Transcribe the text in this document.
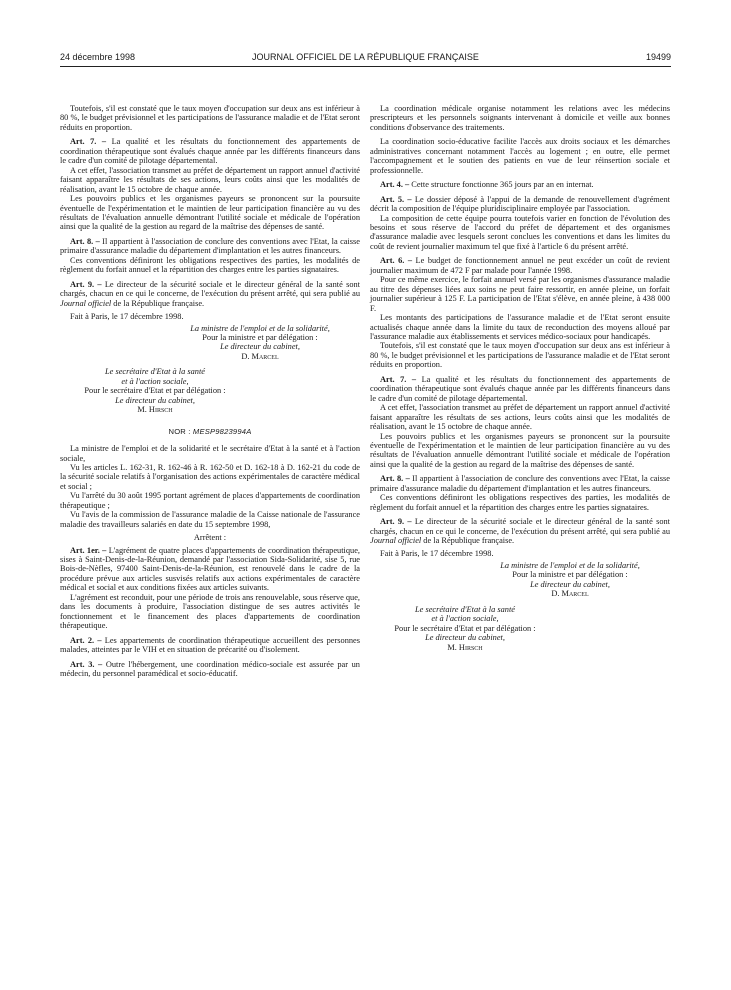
24 décembre 1998	JOURNAL OFFICIEL DE LA RÉPUBLIQUE FRANÇAISE	19499

Toutefois, s'il est constaté que le taux moyen d'occupation sur deux ans est inférieur à 80 %, le budget prévisionnel et les participations de l'assurance maladie et de l'Etat seront réduits en proportion.

Art. 7. – La qualité et les résultats du fonctionnement des appartements de coordination thérapeutique sont évalués chaque année par les différents financeurs dans le cadre d'un comité de pilotage départemental.

A cet effet, l'association transmet au préfet de département un rapport annuel d'activité faisant apparaître les résultats de ses actions, leurs coûts ainsi que les modalités de réalisation, avant le 15 octobre de chaque année.

Les pouvoirs publics et les organismes payeurs se prononcent sur la poursuite éventuelle de l'expérimentation et le maintien de leur participation financière au vu des résultats de l'évaluation annuelle démontrant l'utilité sociale et médicale de l'opération ainsi que la qualité de la gestion au regard de la maîtrise des dépenses de santé.

Art. 8. – Il appartient à l'association de conclure des conventions avec l'Etat, la caisse primaire d'assurance maladie du département d'implantation et les autres financeurs.

Ces conventions définiront les obligations respectives des parties, les modalités de règlement du forfait annuel et la répartition des charges entre les parties signataires.

Art. 9. – Le directeur de la sécurité sociale et le directeur général de la santé sont chargés, chacun en ce qui le concerne, de l'exécution du présent arrêté, qui sera publié au Journal officiel de la République française.

Fait à Paris, le 17 décembre 1998.

La ministre de l'emploi et de la solidarité,
Pour la ministre et par délégation :
Le directeur du cabinet,
D. Marcel
Le secrétaire d'Etat à la santé
et à l'action sociale,
Pour le secrétaire d'Etat et par délégation :
Le directeur du cabinet,
M. Hirsch

NOR : MESP9823994A

La ministre de l'emploi et de la solidarité et le secrétaire d'Etat à la santé et à l'action sociale,

Vu les articles L. 162-31, R. 162-46 à R. 162-50 et D. 162-18 à D. 162-21 du code de la sécurité sociale relatifs à l'organisation des actions expérimentales de caractère médical et social ;

Vu l'arrêté du 30 août 1995 portant agrément de places d'appartements de coordination thérapeutique ;

Vu l'avis de la commission de l'assurance maladie de la Caisse nationale de l'assurance maladie des travailleurs salariés en date du 15 septembre 1998,

Arrêtent :

Art. 1er. – L'agrément de quatre places d'appartements de coordination thérapeutique, sises à Saint-Denis-de-la-Réunion, demandé par l'association Sida-Solidarité, sise 5, rue Bois-de-Nèfles, 97400 Saint-Denis-de-la-Réunion, est renouvelé dans le cadre de la procédure prévue aux articles susvisés relatifs aux actions expérimentales de caractère médical et social et aux conditions fixées aux articles suivants.

L'agrément est reconduit, pour une période de trois ans renouvelable, sous réserve que, dans les documents à produire, l'association distingue de ses autres activités le fonctionnement et le financement des places d'appartements de coordination thérapeutique.

Art. 2. – Les appartements de coordination thérapeutique accueillent des personnes malades, atteintes par le VIH et en situation de précarité ou d'isolement.

Art. 3. – Outre l'hébergement, une coordination médico-sociale est assurée par un médecin, du personnel paramédical et socio-éducatif.

La coordination médicale organise notamment les relations avec les médecins prescripteurs et les personnels soignants intervenant à domicile et veille aux bonnes conditions d'observance des traitements.

La coordination socio-éducative facilite l'accès aux droits sociaux et les démarches administratives concernant notamment l'accès au logement ; en outre, elle permet l'accompagnement et le soutien des patients en vue de leur réinsertion sociale et professionnelle.

Art. 4. – Cette structure fonctionne 365 jours par an en internat.

Art. 5. – Le dossier déposé à l'appui de la demande de renouvellement d'agrément décrit la composition de l'équipe pluridisciplinaire employée par l'association.

La composition de cette équipe pourra toutefois varier en fonction de l'évolution des besoins et sous réserve de l'accord du préfet de département et des organismes d'assurance maladie avec lesquels seront conclues les conventions et dans les limites du coût de revient journalier maximum tel que fixé à l'article 6 du présent arrêté.

Art. 6. – Le budget de fonctionnement annuel ne peut excéder un coût de revient journalier maximum de 472 F par malade pour l'année 1998.

Pour ce même exercice, le forfait annuel versé par les organismes d'assurance maladie au titre des dépenses liées aux soins ne peut faire ressortir, en année pleine, un forfait journalier supérieur à 125 F. La participation de l'Etat s'élève, en année pleine, à 438 000 F.

Les montants des participations de l'assurance maladie et de l'Etat seront ensuite actualisés chaque année dans la limite du taux de reconduction des moyens alloué par l'assurance maladie aux établissements et services médico-sociaux pour handicapés.

Toutefois, s'il est constaté que le taux moyen d'occupation sur deux ans est inférieur à 80 %, le budget prévisionnel et les participations de l'assurance maladie et de l'Etat seront réduits en proportion.

Art. 7. – La qualité et les résultats du fonctionnement des appartements de coordination thérapeutique sont évalués chaque année par les différents financeurs dans le cadre d'un comité de pilotage départemental.

A cet effet, l'association transmet au préfet de département un rapport annuel d'activité faisant apparaître les résultats de ses actions, leurs coûts ainsi que les modalités de réalisation, avant le 15 octobre de chaque année.

Les pouvoirs publics et les organismes payeurs se prononcent sur la poursuite éventuelle de l'expérimentation et le maintien de leur participation financière au vu des résultats de l'évaluation annuelle démontrant l'utilité sociale et médicale de l'opération ainsi que la qualité de la gestion au regard de la maîtrise des dépenses de santé.

Art. 8. – Il appartient à l'association de conclure des conventions avec l'Etat, la caisse primaire d'assurance maladie du département d'implantation et les autres financeurs.

Ces conventions définiront les obligations respectives des parties, les modalités de règlement du forfait annuel et la répartition des charges entre les parties signataires.

Art. 9. – Le directeur de la sécurité sociale et le directeur général de la santé sont chargés, chacun en ce qui le concerne, de l'exécution du présent arrêté, qui sera publié au Journal officiel de la République française.

Fait à Paris, le 17 décembre 1998.

La ministre de l'emploi et de la solidarité,
Pour la ministre et par délégation :
Le directeur du cabinet,
D. Marcel
Le secrétaire d'Etat à la santé
et à l'action sociale,
Pour le secrétaire d'Etat et par délégation :
Le directeur du cabinet,
M. Hirsch
